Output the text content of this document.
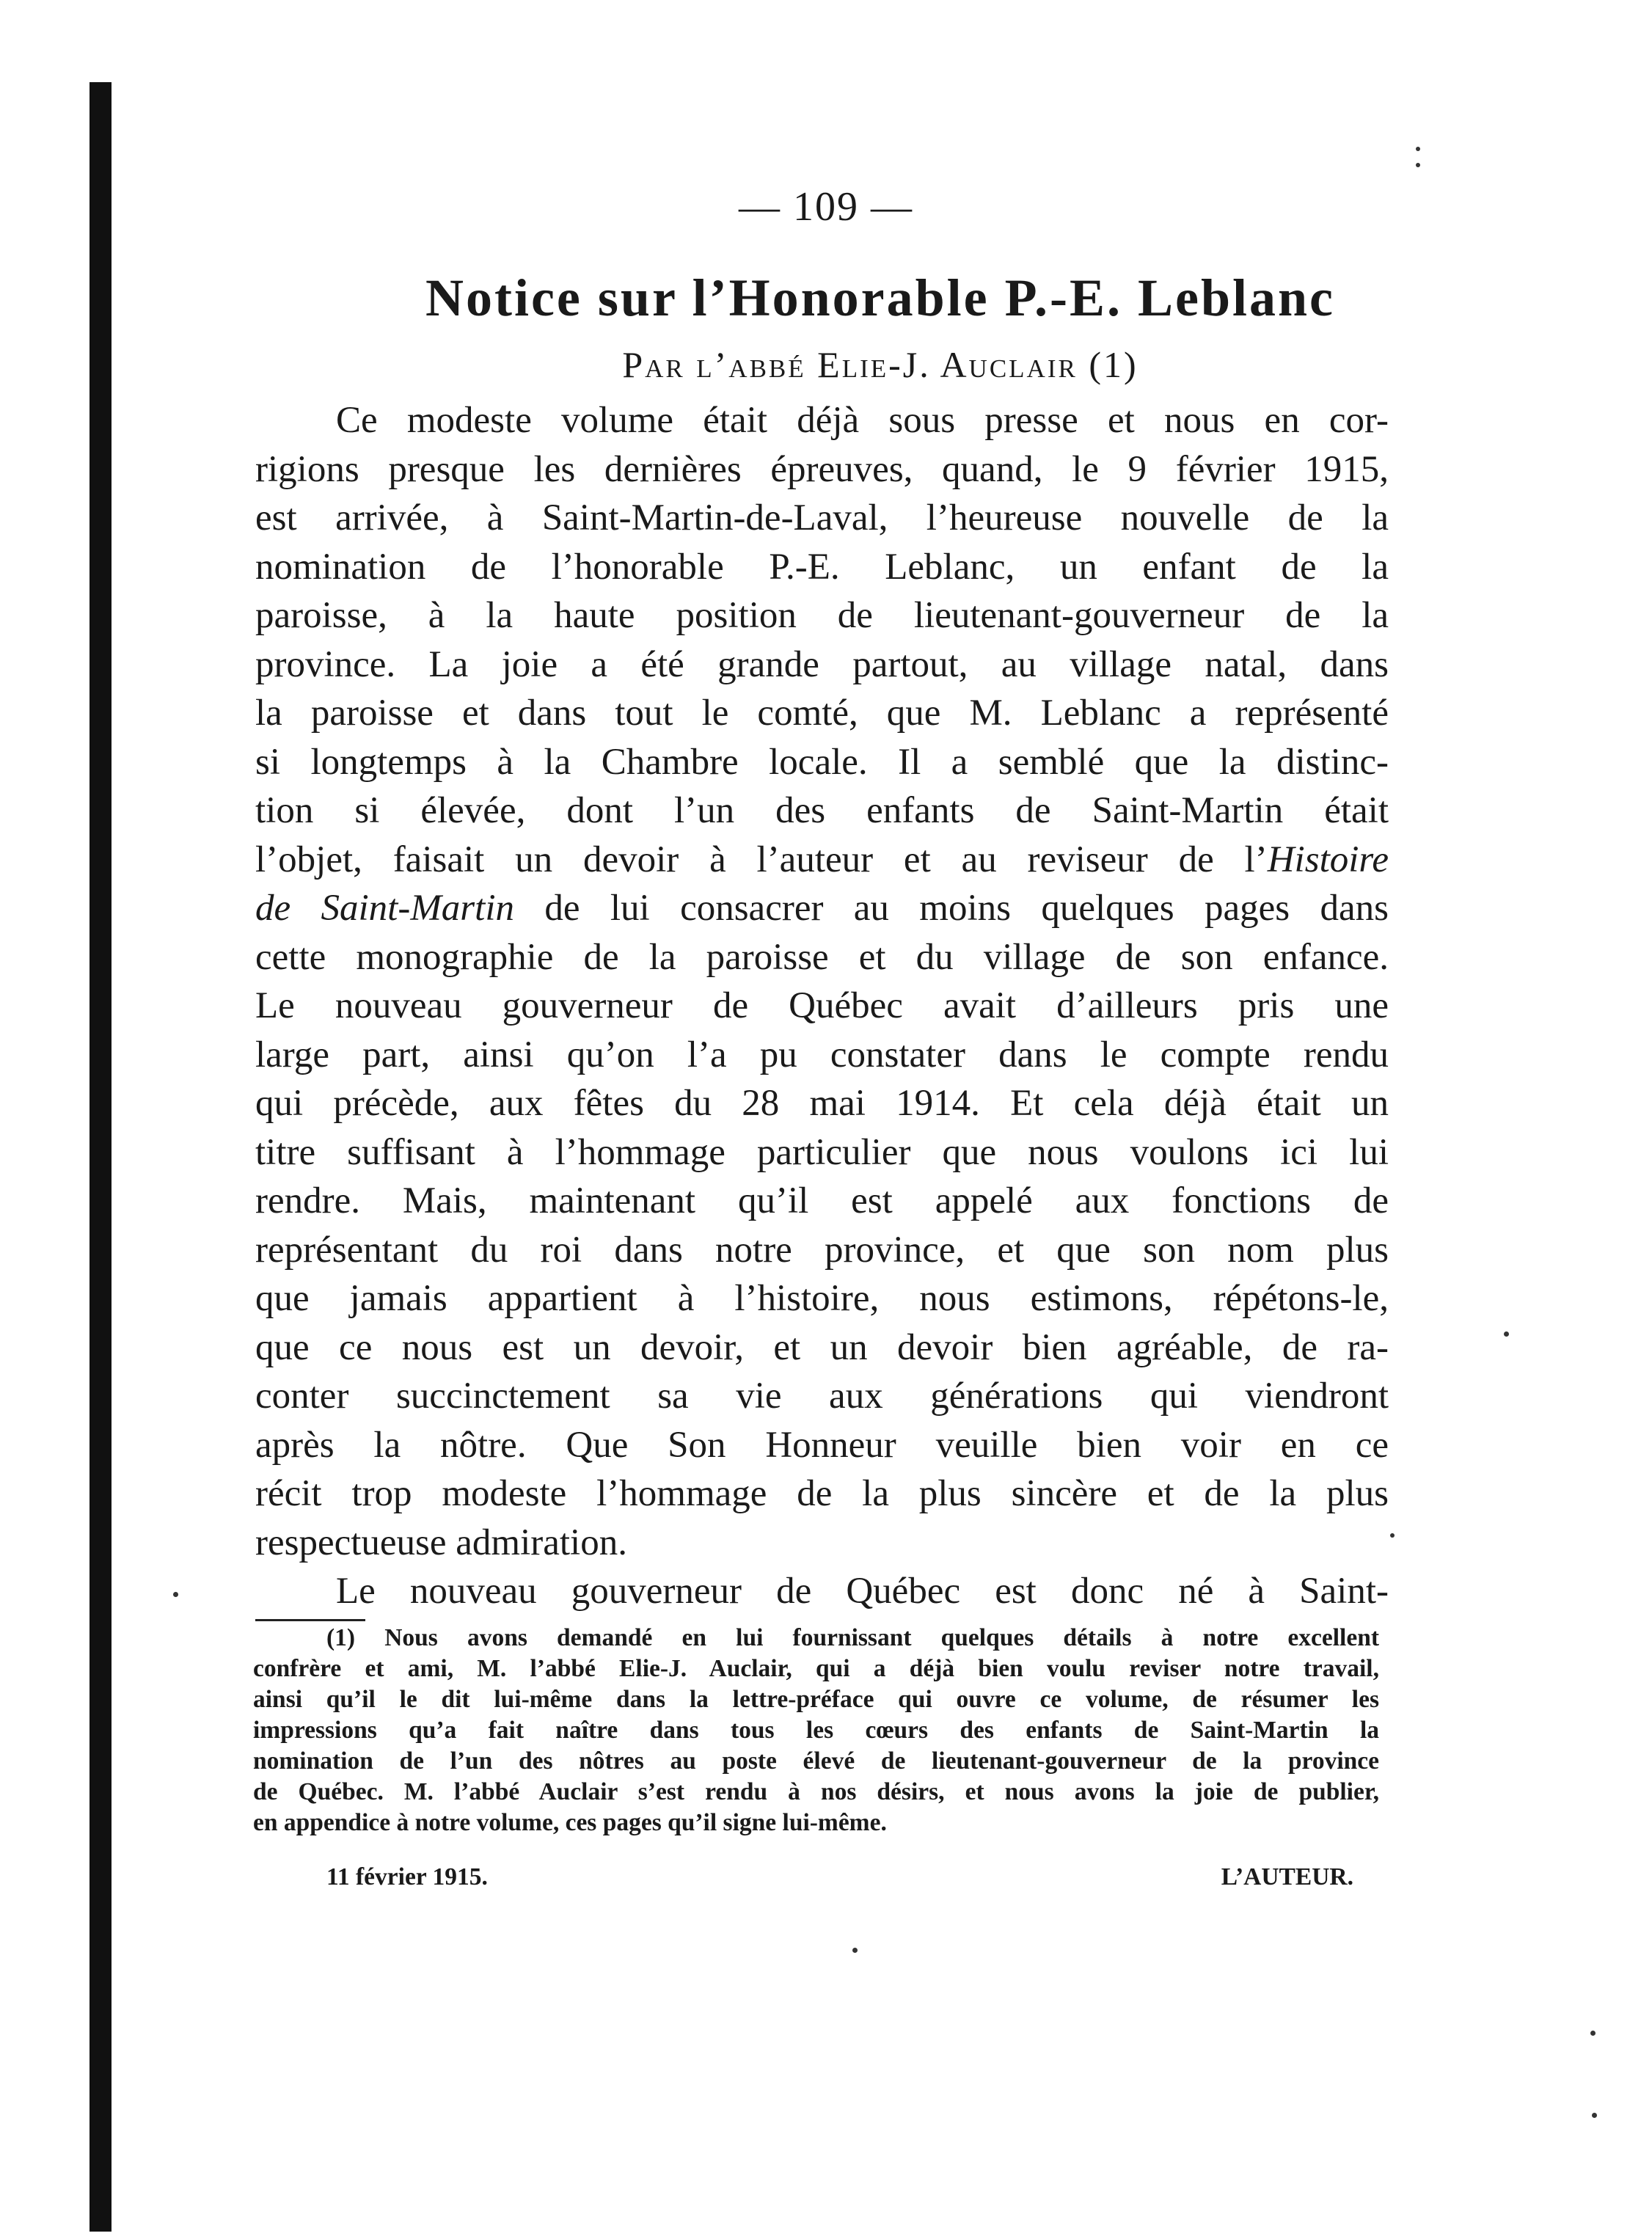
— 109 —
Notice sur l’Honorable P.-E. Leblanc
Par l’abbé Elie-J. Auclair (1)
Ce modeste volume était déjà sous presse et nous en cor-
rigions presque les dernières épreuves, quand, le 9 février 1915,
est arrivée, à Saint-Martin-de-Laval, l’heureuse nouvelle de la
nomination de l’honorable P.-E. Leblanc, un enfant de la
paroisse, à la haute position de lieutenant-gouverneur de la
province. La joie a été grande partout, au village natal, dans
la paroisse et dans tout le comté, que M. Leblanc a représenté
si longtemps à la Chambre locale. Il a semblé que la distinc-
tion si élevée, dont l’un des enfants de Saint-Martin était
l’objet, faisait un devoir à l’auteur et au reviseur de l’Histoire
de Saint-Martin de lui consacrer au moins quelques pages dans
cette monographie de la paroisse et du village de son enfance.
Le nouveau gouverneur de Québec avait d’ailleurs pris une
large part, ainsi qu’on l’a pu constater dans le compte rendu
qui précède, aux fêtes du 28 mai 1914. Et cela déjà était un
titre suffisant à l’hommage particulier que nous voulons ici lui
rendre. Mais, maintenant qu’il est appelé aux fonctions de
représentant du roi dans notre province, et que son nom plus
que jamais appartient à l’histoire, nous estimons, répétons-le,
que ce nous est un devoir, et un devoir bien agréable, de ra-
conter succinctement sa vie aux générations qui viendront
après la nôtre. Que Son Honneur veuille bien voir en ce
récit trop modeste l’hommage de la plus sincère et de la plus
respectueuse admiration.
Le nouveau gouverneur de Québec est donc né à Saint-
(1) Nous avons demandé en lui fournissant quelques détails à notre excellent
confrère et ami, M. l’abbé Elie-J. Auclair, qui a déjà bien voulu reviser notre travail,
ainsi qu’il le dit lui-même dans la lettre-préface qui ouvre ce volume, de résumer les
impressions qu’a fait naître dans tous les cœurs des enfants de Saint-Martin la
nomination de l’un des nôtres au poste élevé de lieutenant-gouverneur de la province
de Québec. M. l’abbé Auclair s’est rendu à nos désirs, et nous avons la joie de publier,
en appendice à notre volume, ces pages qu’il signe lui-même.
11 février 1915.	L’AUTEUR.
